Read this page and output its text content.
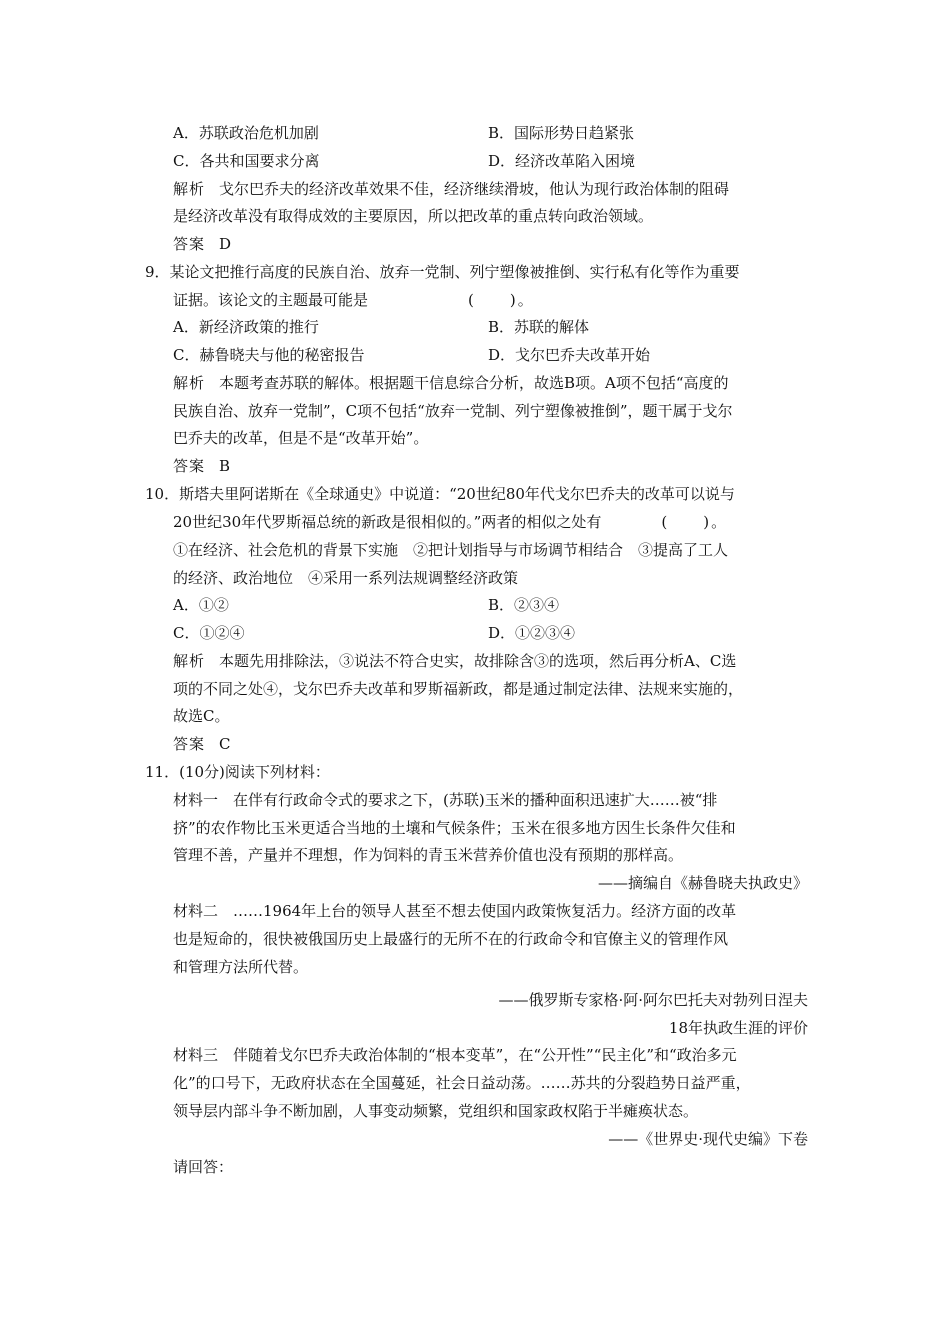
A．苏联政治危机加剧	B．国际形势日趋紧张
C．各共和国要求分离	D．经济改革陷入困境
解析 戈尔巴乔夫的经济改革效果不佳，经济继续滑坡，他认为现行政治体制的阻碍
是经济改革没有取得成效的主要原因，所以把改革的重点转向政治领域。
答案 D
9．某论文把推行高度的民族自治、放弃一党制、列宁塑像被推倒、实行私有化等作为重要
证据。该论文的主题最可能是	(　　)。
A．新经济政策的推行	B．苏联的解体
C．赫鲁晓夫与他的秘密报告	D．戈尔巴乔夫改革开始
解析 本题考查苏联的解体。根据题干信息综合分析，故选B项。A项不包括“高度的
民族自治、放弃一党制”，C项不包括“放弃一党制、列宁塑像被推倒”，题干属于戈尔
巴乔夫的改革，但是不是“改革开始”。
答案 B
10．斯塔夫里阿诺斯在《全球通史》中说道：“20世纪80年代戈尔巴乔夫的改革可以说与
20世纪30年代罗斯福总统的新政是很相似的。”两者的相似之处有	(　　)。
①在经济、社会危机的背景下实施　②把计划指导与市场调节相结合　③提高了工人
的经济、政治地位　④采用一系列法规调整经济政策
A．①②	B．②③④
C．①②④	D．①②③④
解析 本题先用排除法，③说法不符合史实，故排除含③的选项，然后再分析A、C选
项的不同之处④，戈尔巴乔夫改革和罗斯福新政，都是通过制定法律、法规来实施的，
故选C。
答案 C
11．(10分)阅读下列材料：
材料一　在伴有行政命令式的要求之下，(苏联)玉米的播种面积迅速扩大……被“排
挤”的农作物比玉米更适合当地的土壤和气候条件；玉米在很多地方因生长条件欠佳和
管理不善，产量并不理想，作为饲料的青玉米营养价值也没有预期的那样高。
——摘编自《赫鲁晓夫执政史》
材料二　……1964年上台的领导人甚至不想去使国内政策恢复活力。经济方面的改革
也是短命的，很快被俄国历史上最盛行的无所不在的行政命令和官僚主义的管理作风
和管理方法所代替。
——俄罗斯专家格·阿·阿尔巴托夫对勃列日涅夫
18年执政生涯的评价
材料三　伴随着戈尔巴乔夫政治体制的“根本变革”，在“公开性”“民主化”和“政治多元
化”的口号下，无政府状态在全国蔓延，社会日益动荡。……苏共的分裂趋势日益严重，
领导层内部斗争不断加剧，人事变动频繁，党组织和国家政权陷于半瘫痪状态。
——《世界史·现代史编》下卷
请回答：
